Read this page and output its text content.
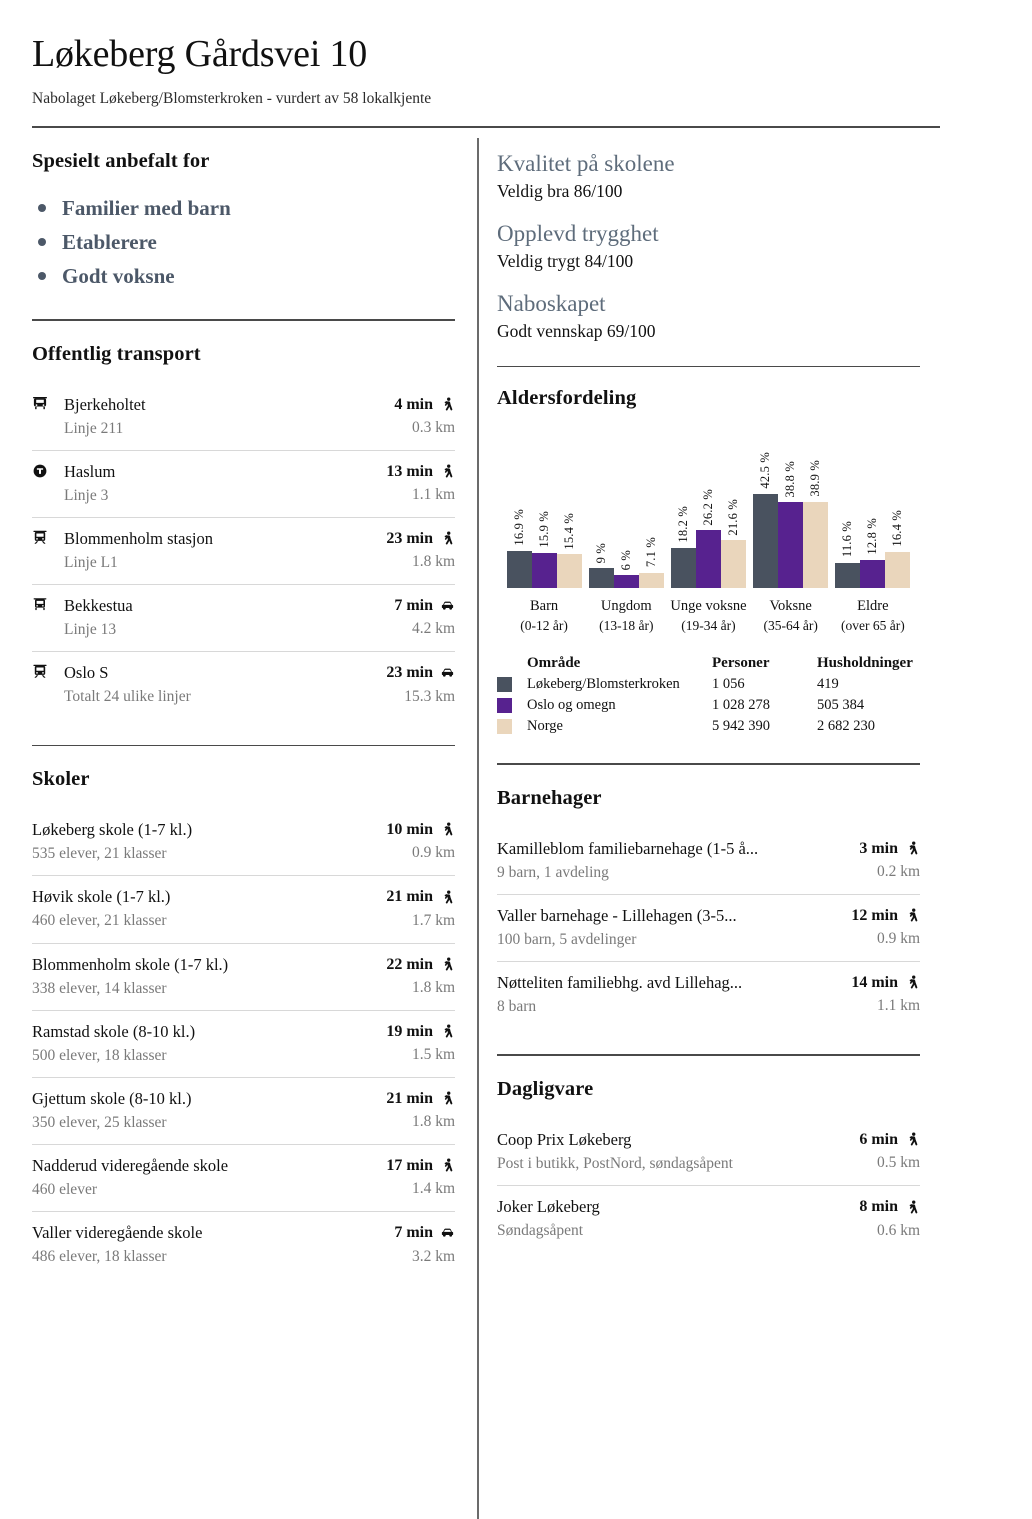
Løkeberg Gårdsvei 10
Nabolaget Løkeberg/Blomsterkroken - vurdert av 58 lokalkjente
Spesielt anbefalt for
Familier med barn
Etablerere
Godt voksne
Offentlig transport
Bjerkeholtet
Linje 211
4 min
0.3 km
Haslum
Linje 3
13 min
1.1 km
Blommenholm stasjon
Linje L1
23 min
1.8 km
Bekkestua
Linje 13
7 min
4.2 km
Oslo S
Totalt 24 ulike linjer
23 min
15.3 km
Skoler
Løkeberg skole (1-7 kl.)
535 elever, 21 klasser
10 min
0.9 km
Høvik skole (1-7 kl.)
460 elever, 21 klasser
21 min
1.7 km
Blommenholm skole (1-7 kl.)
338 elever, 14 klasser
22 min
1.8 km
Ramstad skole (8-10 kl.)
500 elever, 18 klasser
19 min
1.5 km
Gjettum skole (8-10 kl.)
350 elever, 25 klasser
21 min
1.8 km
Nadderud videregående skole
460 elever
17 min
1.4 km
Valler videregående skole
486 elever, 18 klasser
7 min
3.2 km
Kvalitet på skolene
Veldig bra 86/100
Opplevd trygghet
Veldig trygt 84/100
Naboskapet
Godt vennskap 69/100
Aldersfordeling
16.9 % 15.9 % 15.4 %
9 % 6 % 7.1 %
18.2 % 26.2 % 21.6 %
42.5 % 38.8 % 38.9 %
11.6 % 12.8 % 16.4 %
Barn
(0-12 år)
Ungdom
(13-18 år)
Unge voksne
(19-34 år)
Voksne
(35-64 år)
Eldre
(over 65 år)
	Område	Personer	Husholdninger

	Løkeberg/Blomsterkroken	1 056	419

	Oslo og omegn	1 028 278	505 384

	Norge	5 942 390	2 682 230
Barnehager
Kamilleblom familiebarnehage (1-5 å...
9 barn, 1 avdeling
3 min
0.2 km
Valler barnehage - Lillehagen (3-5...
100 barn, 5 avdelinger
12 min
0.9 km
Nøtteliten familiebhg. avd Lillehag...
8 barn
14 min
1.1 km
Dagligvare
Coop Prix Løkeberg
Post i butikk, PostNord, søndagsåpent
6 min
0.5 km
Joker Løkeberg
Søndagsåpent
8 min
0.6 km
